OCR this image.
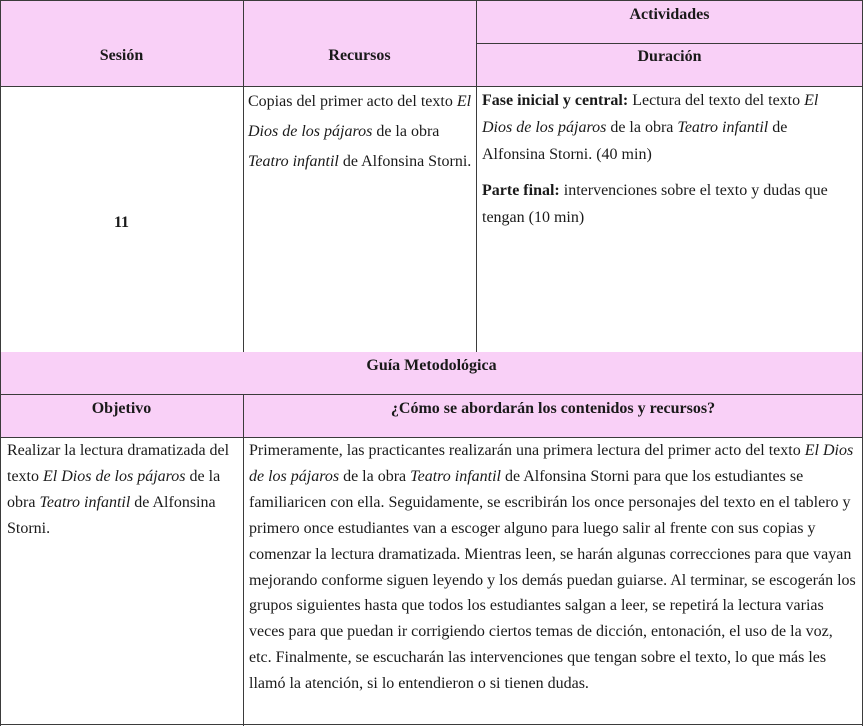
Sesión	Recursos
Actividades
Duración
11
Copias del primer acto del texto El Dios de los pájaros de la obra Teatro infantil de Alfonsina Storni.
Fase inicial y central: Lectura del texto del texto El Dios de los pájaros de la obra Teatro infantil de Alfonsina Storni. (40 min)
Parte final: intervenciones sobre el texto y dudas que tengan (10 min)
Guía Metodológica
Objetivo	¿Cómo se abordarán los contenidos y recursos?
Realizar la lectura dramatizada del texto El Dios de los pájaros de la obra Teatro infantil de Alfonsina Storni.
Primeramente, las practicantes realizarán una primera lectura del primer acto del texto El Dios de los pájaros de la obra Teatro infantil de Alfonsina Storni para que los estudiantes se familiaricen con ella. Seguidamente, se escribirán los once personajes del texto en el tablero y primero once estudiantes van a escoger alguno para luego salir al frente con sus copias y comenzar la lectura dramatizada. Mientras leen, se harán algunas correcciones para que vayan mejorando conforme siguen leyendo y los demás puedan guiarse. Al terminar, se escogerán los grupos siguientes hasta que todos los estudiantes salgan a leer, se repetirá la lectura varias veces para que puedan ir corrigiendo ciertos temas de dicción, entonación, el uso de la voz, etc. Finalmente, se escucharán las intervenciones que tengan sobre el texto, lo que más les llamó la atención, si lo entendieron o si tienen dudas.
